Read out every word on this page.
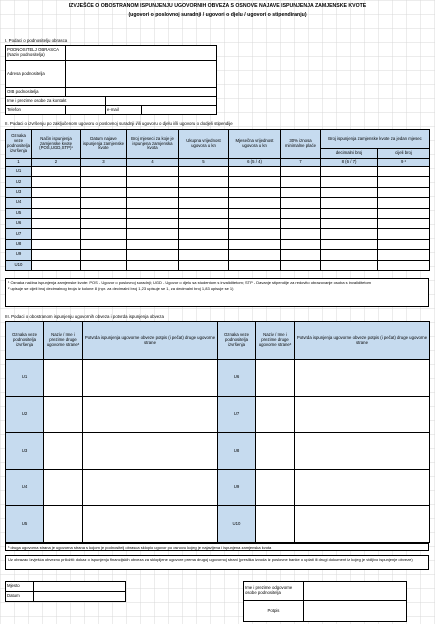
IZVJEŠĆE O OBOSTRANOM ISPUNJENJU UGOVORNIH OBVEZA S OSNOVE NAJAVE ISPUNJENJA ZAMJENSKE KVOTE
(ugovori o poslovnoj suradnji / ugovori o djelu / ugovori o stipendiranju)
I. Podaci o podnositelju obrasca
PODNOSITELJ OBRASCA (Naziv podnositelja)			
Adresa podnositelja			
OIB podnositelja			
Ime i prezime osobe za kontakt			
Telefon		e-mail	
II. Podaci o izvršenju po zaključenom ugovoru o poslovnoj suradnji i/ili ugovoru o djelu i/ili ugovoru o dodjeli stipendije
Oznaka veze podnositelja izvršenja	Način ispunjenja zamjenske kvote (POS,UGD,STP)¹	Datum najave ispunjenja zamjenske kvote	Broj mjeseci za koje je ispunjena zamjenska kvota	Ukupna vrijednost ugovora u kn	Mjesečna vrijednost ugovora u kn	30% iznosa minimalne plaće	Broj ispunjenja zamjenske kvote za jedan mjesec	
							decimalni broj	cijeli broj
1	2	3	4	5	6 (5 / 4)	7	8 (6 / 7)	9 ²
U1								
U2								
U3								
U4								
U5								
U6								
U7								
U8								
U9								
U10								
¹ Oznaka načina ispunjenja zamjenske kvote: POS - Ugovor o poslovnoj suradnji; UGD - Ugovor o djelu sa studentom s invaliditetom; STP - Davanje stipendije za redovito obrazovanje osoba s invaliditetom
² upisuje se cijeli broj decimalnog broja iz kolone 8 (npr. za decimalni broj 1,23 upisuje se 1, za decimalni broj 1,83 upisuje se 1)
III. Podaci o obostranom ispunjenju ugovornih obveza i potvrda ispunjenja obveza
Oznaka veze podnositelja izvršenja	Naziv / Ime i prezime druge ugovorne strane³	Potvrda ispunjenja ugovorne obveze potpis (i pečat) druge ugovorne strane	Oznaka veze podnositelja izvršenja	Naziv / Ime i prezime druge ugovorne strane³	Potvrda ispunjenja ugovorne obveze potpis (i pečat) druge ugovorne strane
U1			U6		
U2			U7		
U3			U8		
U4			U9		
U5			U10		
³ druga ugovorna strana je ugovorna strana s kojom je podnositelj obrasca sklopio ugovor po osnovu kojeg je najavljena i ispunjena zamjenska kvota
Uz obrazac Izvješća obvezno priložiti: dokaz o ispunjenju financijskih obveza za sklopljene ugovore prema drugoj ugovornoj strani (preslika izvoda iz poslovne banke o uplati ili drugi dokument iz kojeg je vidljivo ispunjenje obveze)
Mjesto	
Datum	
Ime i prezime odgovorne osobe podnositelja	
Potpis	
